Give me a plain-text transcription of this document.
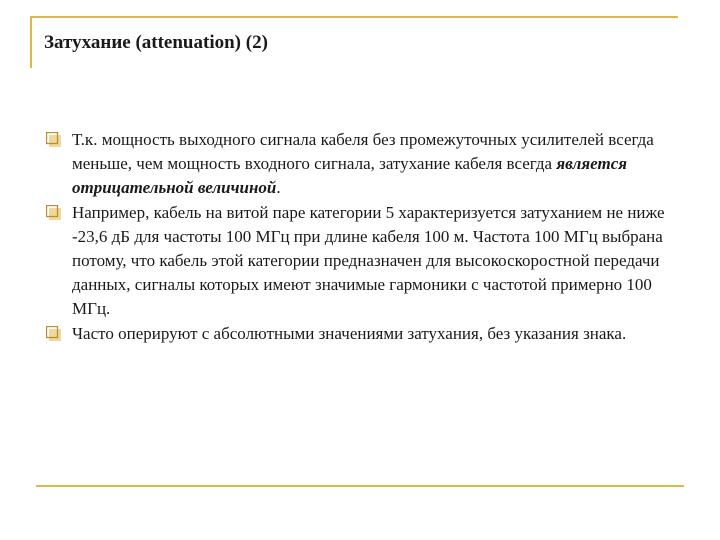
Затухание (attenuation) (2)
Т.к. мощность выходного сигнала кабеля без промежуточных усилителей всегда меньше, чем мощность входного сигнала, затухание кабеля всегда является отрицательной величиной.
Например, кабель на витой паре категории 5 характеризуется затуханием не ниже -23,6 дБ для частоты 100 МГц при длине кабеля 100 м. Частота 100 МГц выбрана потому, что кабель этой категории предназначен для высокоскоростной передачи данных, сигналы которых имеют значимые гармоники с частотой примерно 100 МГц.
Часто оперируют с абсолютными значениями затухания, без указания знака.
